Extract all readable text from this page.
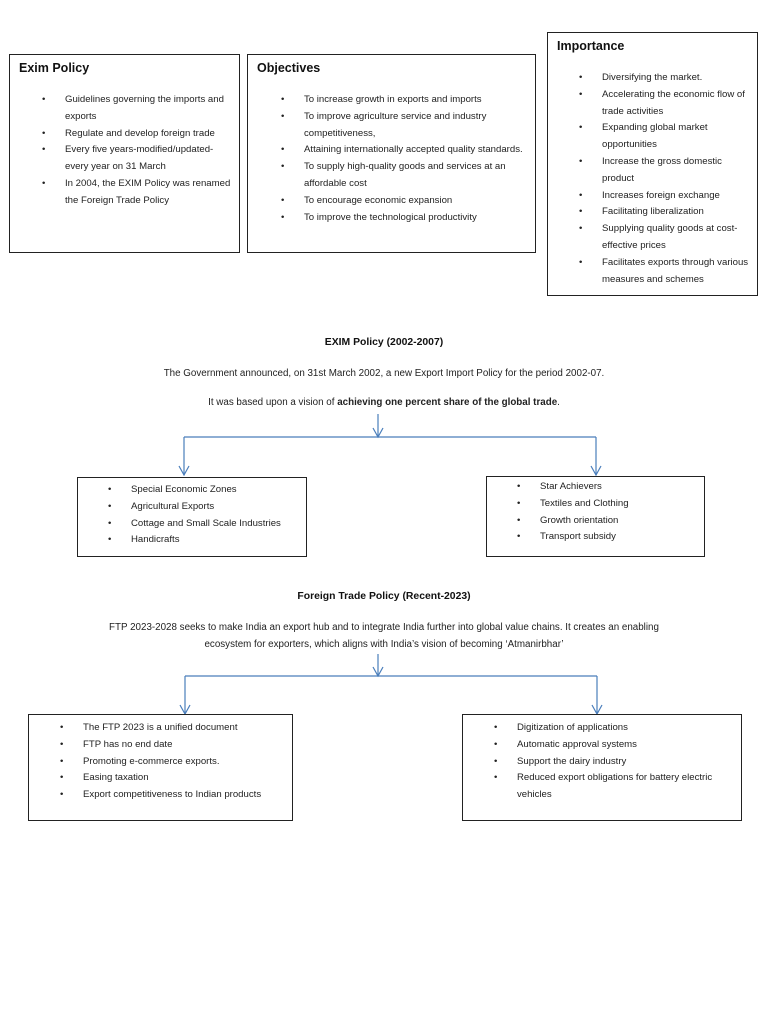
Exim Policy
• Guidelines governing the imports and exports
• Regulate and develop foreign trade
• Every five years-modified/updated-every year on 31 March
• In 2004, the EXIM Policy was renamed the Foreign Trade Policy
Objectives
• To increase growth in exports and imports
• To improve agriculture service and industry competitiveness,
• Attaining internationally accepted quality standards.
• To supply high-quality goods and services at an affordable cost
• To encourage economic expansion
• To improve the technological productivity
Importance
• Diversifying the market.
• Accelerating the economic flow of trade activities
• Expanding global market opportunities
• Increase the gross domestic product
• Increases foreign exchange
• Facilitating liberalization
• Supplying quality goods at cost-effective prices
• Facilitates exports through various measures and schemes
EXIM Policy (2002-2007)
The Government announced, on 31st March 2002, a new Export Import Policy for the period 2002-07.
It was based upon a vision of achieving one percent share of the global trade.
• Special Economic Zones
• Agricultural Exports
• Cottage and Small Scale Industries
• Handicrafts
• Star Achievers
• Textiles and Clothing
• Growth orientation
• Transport subsidy
Foreign Trade Policy (Recent-2023)
FTP 2023-2028 seeks to make India an export hub and to integrate India further into global value chains. It creates an enabling
ecosystem for exporters, which aligns with India’s vision of becoming ‘Atmanirbhar’
• The FTP 2023 is a unified document
• FTP has no end date
• Promoting e-commerce exports.
• Easing taxation
• Export competitiveness to Indian products
• Digitization of applications
• Automatic approval systems
• Support the dairy industry
• Reduced export obligations for battery electric vehicles
